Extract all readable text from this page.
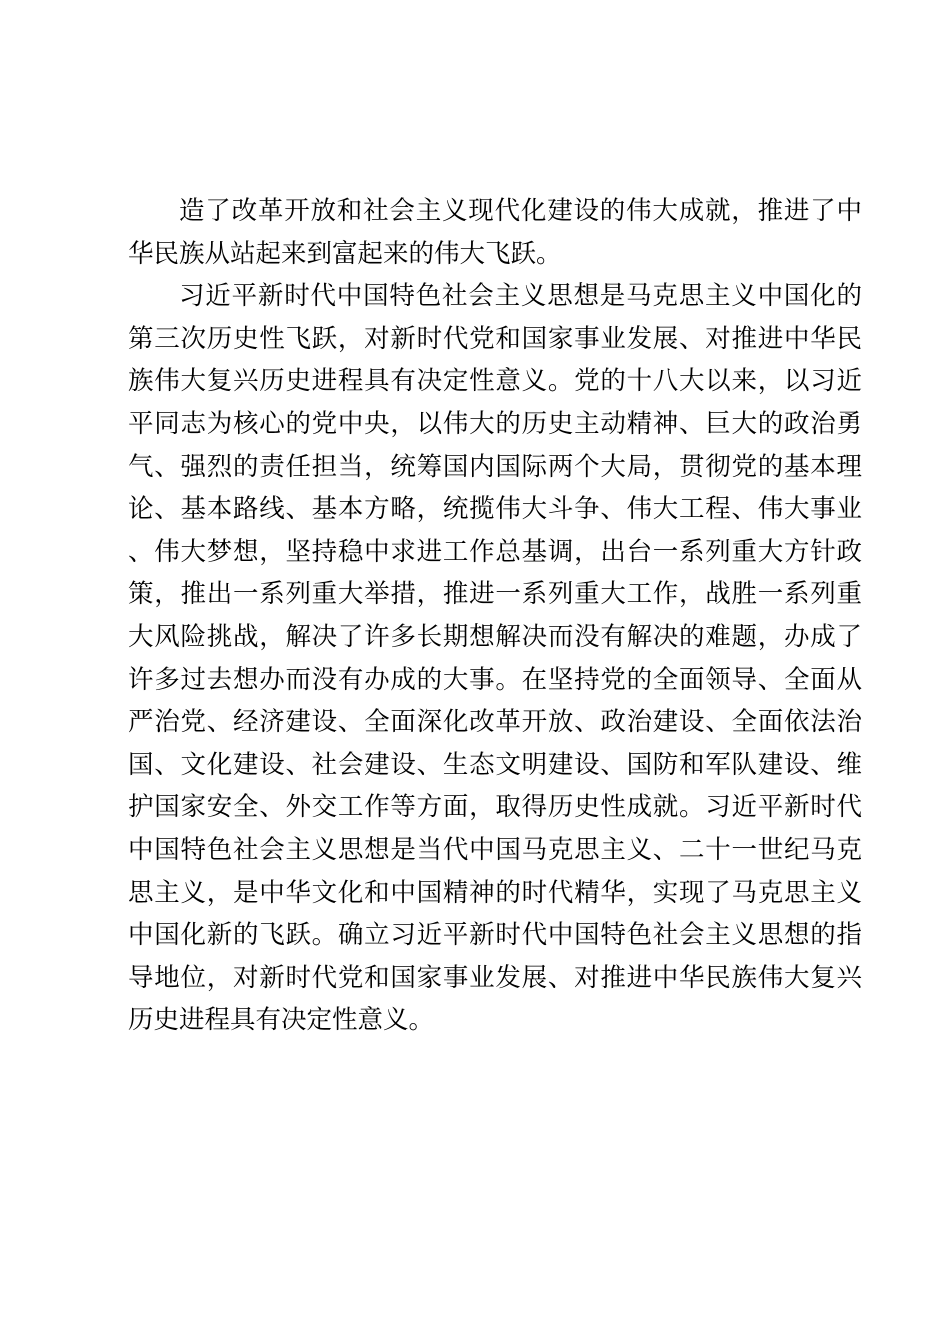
造了改革开放和社会主义现代化建设的伟大成就，推进了中华民族从站起来到富起来的伟大飞跃。

习近平新时代中国特色社会主义思想是马克思主义中国化的第三次历史性飞跃，对新时代党和国家事业发展、对推进中华民族伟大复兴历史进程具有决定性意义。党的十八大以来，以习近平同志为核心的党中央，以伟大的历史主动精神、巨大的政治勇气、强烈的责任担当，统筹国内国际两个大局，贯彻党的基本理论、基本路线、基本方略，统揽伟大斗争、伟大工程、伟大事业、伟大梦想，坚持稳中求进工作总基调，出台一系列重大方针政策，推出一系列重大举措，推进一系列重大工作，战胜一系列重大风险挑战，解决了许多长期想解决而没有解决的难题，办成了许多过去想办而没有办成的大事。在坚持党的全面领导、全面从严治党、经济建设、全面深化改革开放、政治建设、全面依法治国、文化建设、社会建设、生态文明建设、国防和军队建设、维护国家安全、外交工作等方面，取得历史性成就。习近平新时代中国特色社会主义思想是当代中国马克思主义、二十一世纪马克思主义，是中华文化和中国精神的时代精华，实现了马克思主义中国化新的飞跃。确立习近平新时代中国特色社会主义思想的指导地位，对新时代党和国家事业发展、对推进中华民族伟大复兴历史进程具有决定性意义。
